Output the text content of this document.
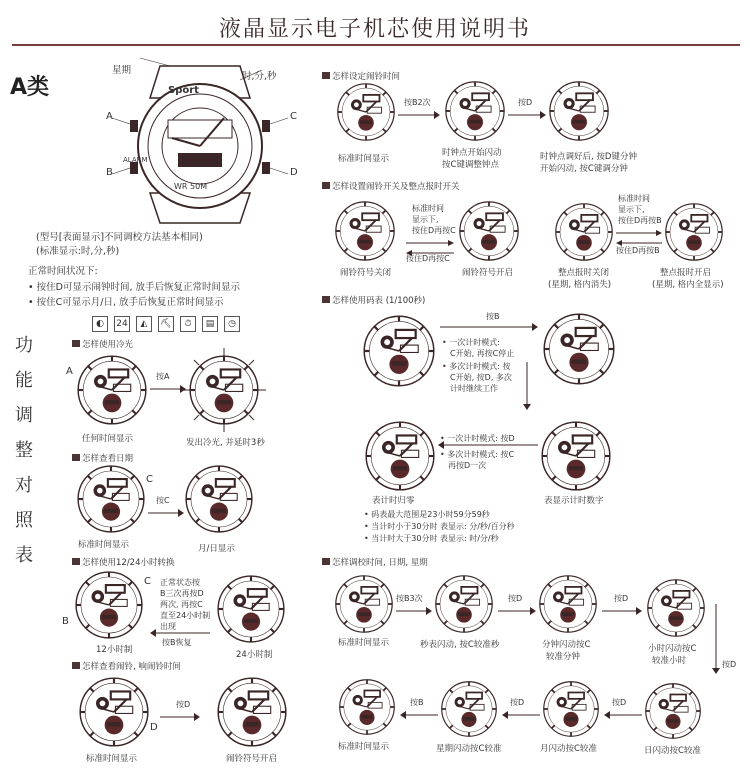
液晶显示电子机芯使用说明书
A类	Sport
WR 50M
ALARM
星期
时,分,秒
A
B
C
D
(型号[表面显示]不同调校方法基本相同)
(标准显示:时,分,秒)
正常时间状况下:
• 按住D可显示闹钟时间, 放手后恢复正常时间显示
• 按住C可显示月/日, 放手后恢复正常时间显示
◐	24	◭	⛏	⏱	▤	◷
功
能
调
整
对
照
表
怎样使用冷光
A	按A
任何时间显示	发出冷光, 并延时3秒
怎样查看日期
C
按C
标准时间显示	月/日显示
怎样使用12/24小时转换
B
C 正常状态按
B三次再按D
两次, 再按C
直至24小时制
出现
按B恢复
12小时制	24小时制
怎样查看闹铃, 响闹铃时间
D
按D
标准时间显示	闹铃符号开启
怎样设定闹铃时间
按B2次	按D
标准时间显示
时钟点开始闪动
按C键调整钟点
时钟点调好后, 按D键分钟
开始闪动, 按C键调分钟
怎样设置闹铃开关及整点报时开关
标准时间
显示下,
按住D再按C
按住D再按C
闹铃符号关闭	闹铃符号开启
标准时间
显示下,
按住D再按B
按住D再按B
整点报时关闭
(星期, 格内消失)
整点报时开启
(星期, 格内全显示)
怎样使用码表 (1/100秒)
按B
• 一次计时模式:
C开始, 再按C停止
• 多次计时模式: 按
C开始, 按D, 多次
计时继续工作
• 一次计时模式: 按D
• 多次计时模式: 按C
再按D一次
表计时归零	表显示计时数字
• 码表最大范围是23小时59分59秒
• 当计时小于30分时 表显示: 分/秒/百分秒
• 当计时大于30分时 表显示: 时/分/秒
怎样调校时间, 日期, 星期
按B3次	按D	按D
按D
标准时间显示	秒表闪动, 按C较准秒	分钟闪动按C
较准分钟
小时闪动按C
较准小时
按D
按D
按B
标准时间显示	星期闪动按C较准	月闪动按C较准	日闪动按C较准
